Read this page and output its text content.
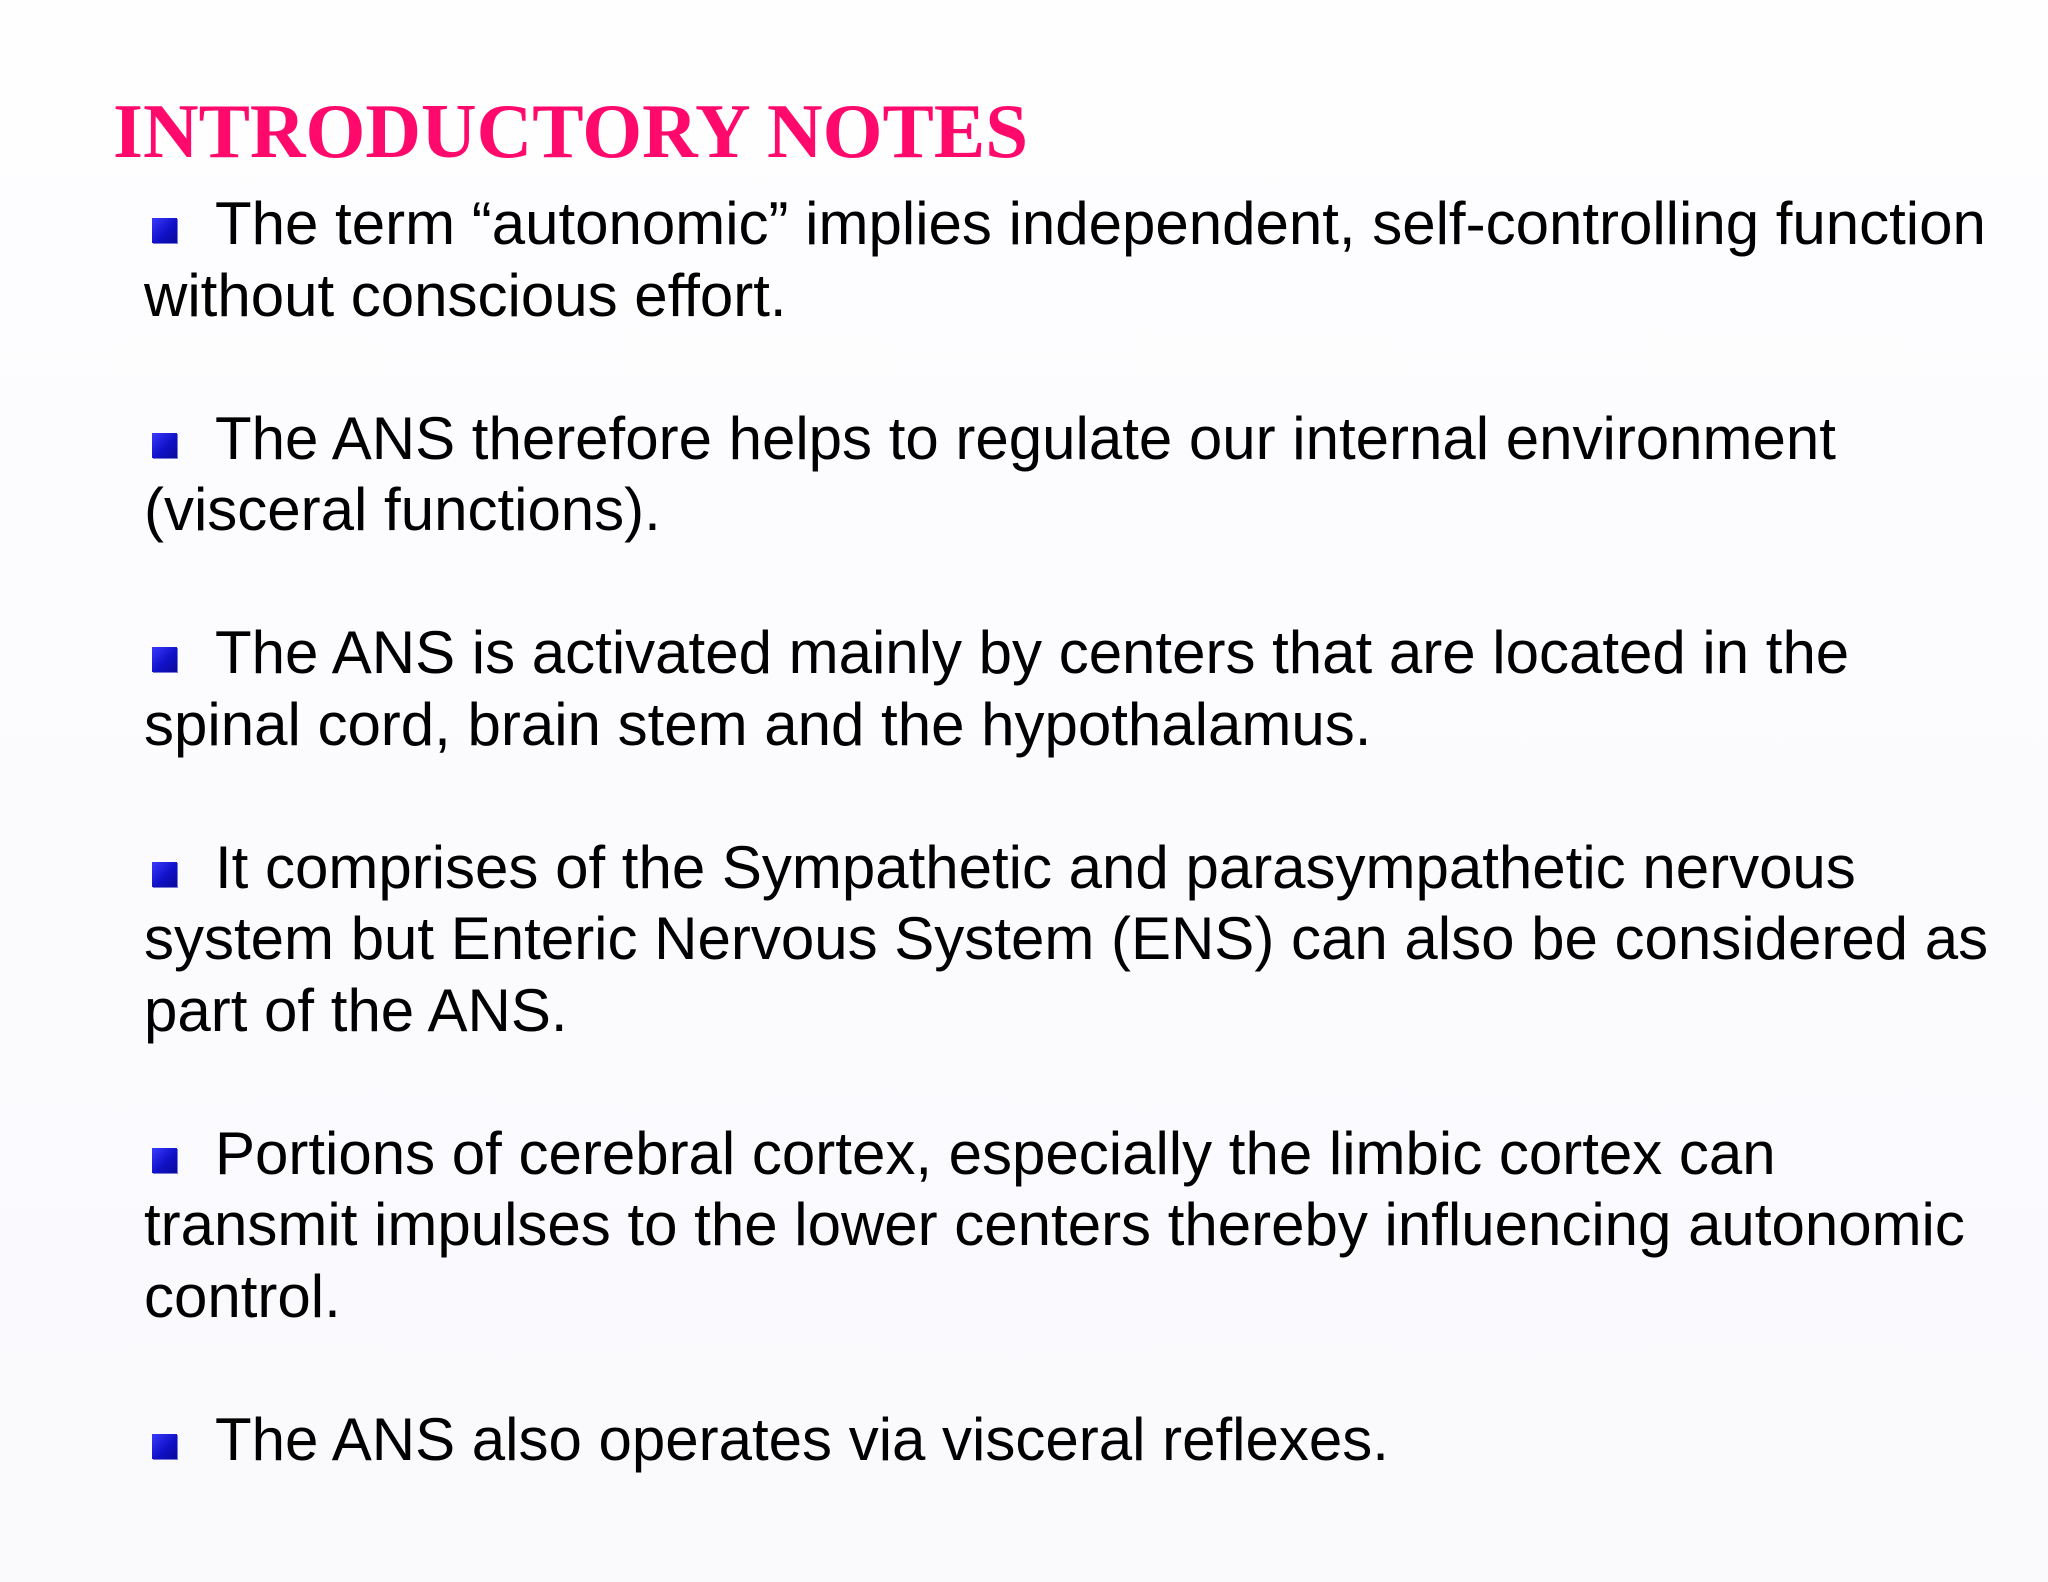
INTRODUCTORY NOTES
The term “autonomic” implies independent, self-controlling function without conscious effort.
The ANS therefore helps to regulate our internal environment (visceral functions).
The ANS is activated mainly by centers that are located in the spinal cord, brain stem and the hypothalamus.
It comprises of the Sympathetic and parasympathetic nervous system but Enteric Nervous System (ENS) can also be considered as part of the ANS.
Portions of cerebral cortex, especially the limbic cortex can transmit impulses to the lower centers thereby influencing autonomic control.
The ANS also operates via visceral reflexes.
